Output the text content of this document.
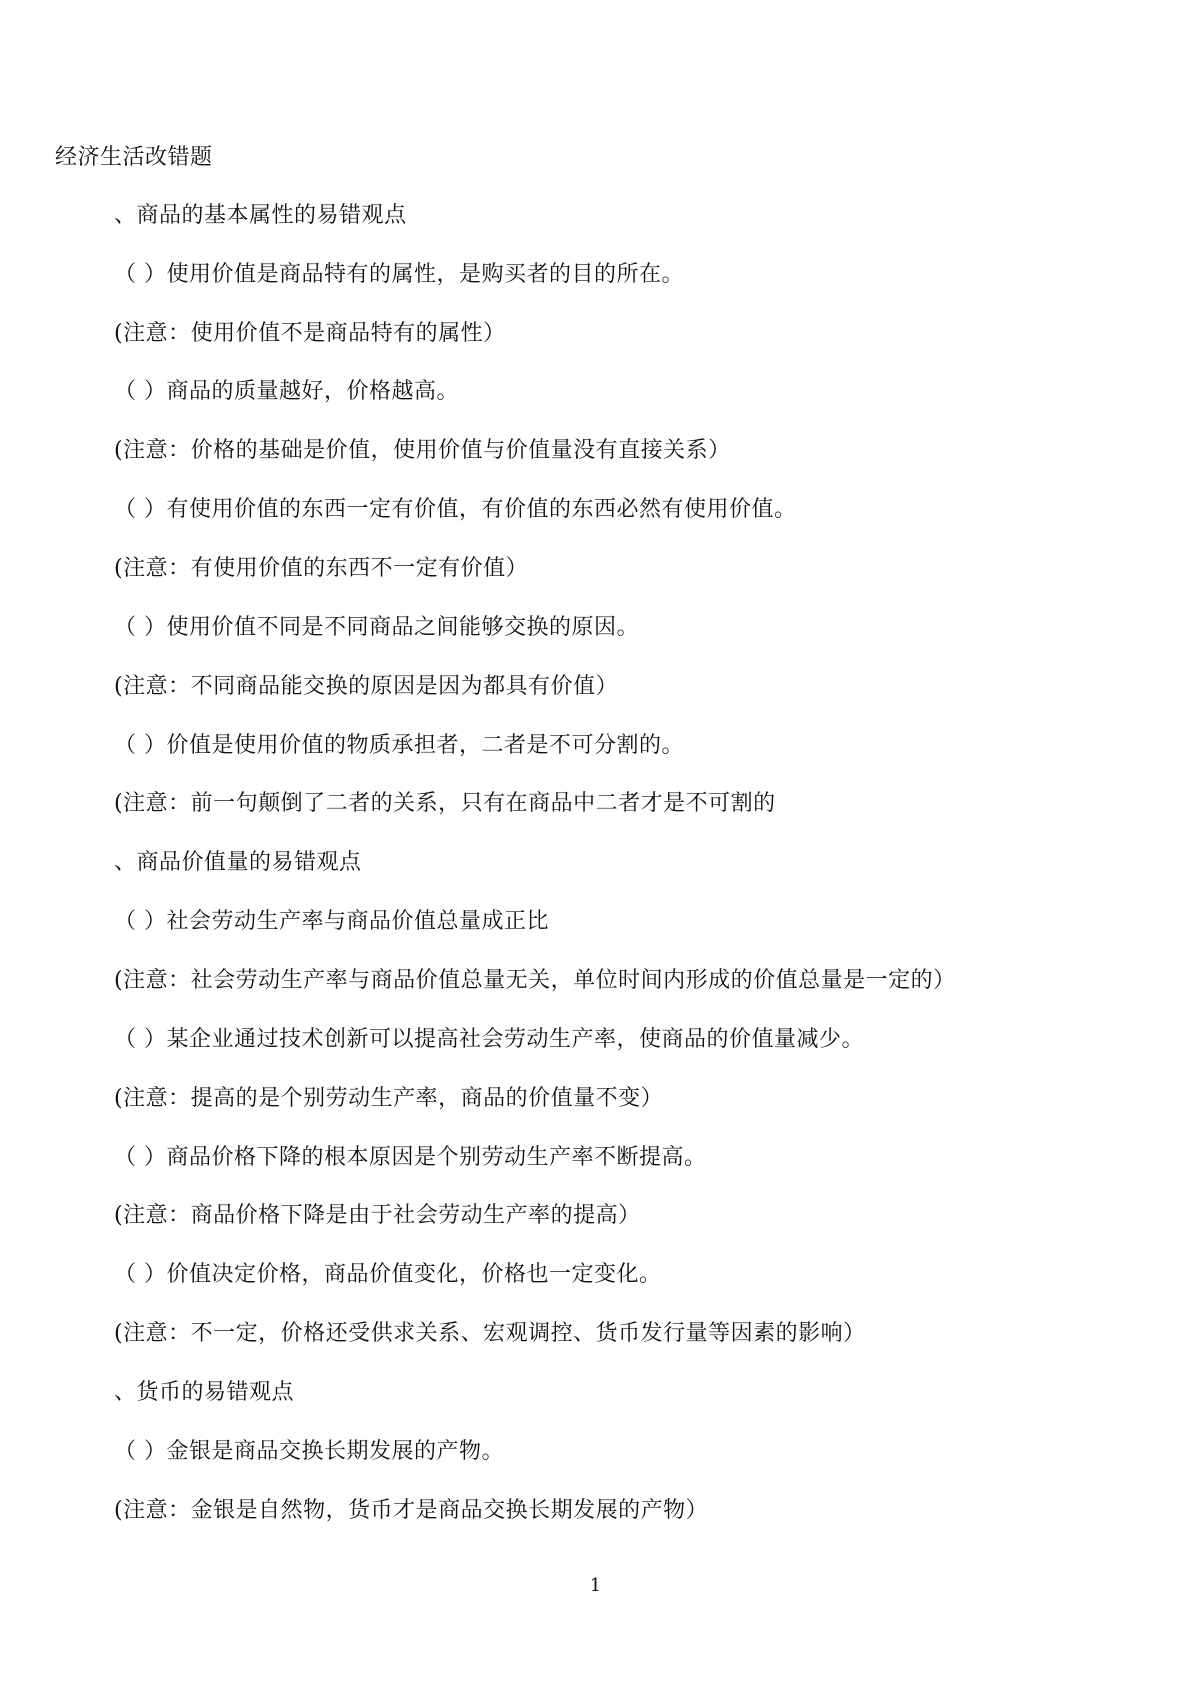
经济生活改错题
、商品的基本属性的易错观点
（ ）使用价值是商品特有的属性，是购买者的目的所在。
(注意：使用价值不是商品特有的属性）
（ ）商品的质量越好，价格越高。
(注意：价格的基础是价值，使用价值与价值量没有直接关系）
（ ）有使用价值的东西一定有价值，有价值的东西必然有使用价值。
(注意：有使用价值的东西不一定有价值）
（ ）使用价值不同是不同商品之间能够交换的原因。
(注意：不同商品能交换的原因是因为都具有价值）
（ ）价值是使用价值的物质承担者，二者是不可分割的。
(注意：前一句颠倒了二者的关系，只有在商品中二者才是不可割的
、商品价值量的易错观点
（ ）社会劳动生产率与商品价值总量成正比
(注意：社会劳动生产率与商品价值总量无关，单位时间内形成的价值总量是一定的）
（ ）某企业通过技术创新可以提高社会劳动生产率，使商品的价值量减少。
(注意：提高的是个别劳动生产率，商品的价值量不变）
（ ）商品价格下降的根本原因是个别劳动生产率不断提高。
(注意：商品价格下降是由于社会劳动生产率的提高）
（ ）价值决定价格，商品价值变化，价格也一定变化。
(注意：不一定，价格还受供求关系、宏观调控、货币发行量等因素的影响）
、货币的易错观点
（ ）金银是商品交换长期发展的产物。
(注意：金银是自然物，货币才是商品交换长期发展的产物）
1
